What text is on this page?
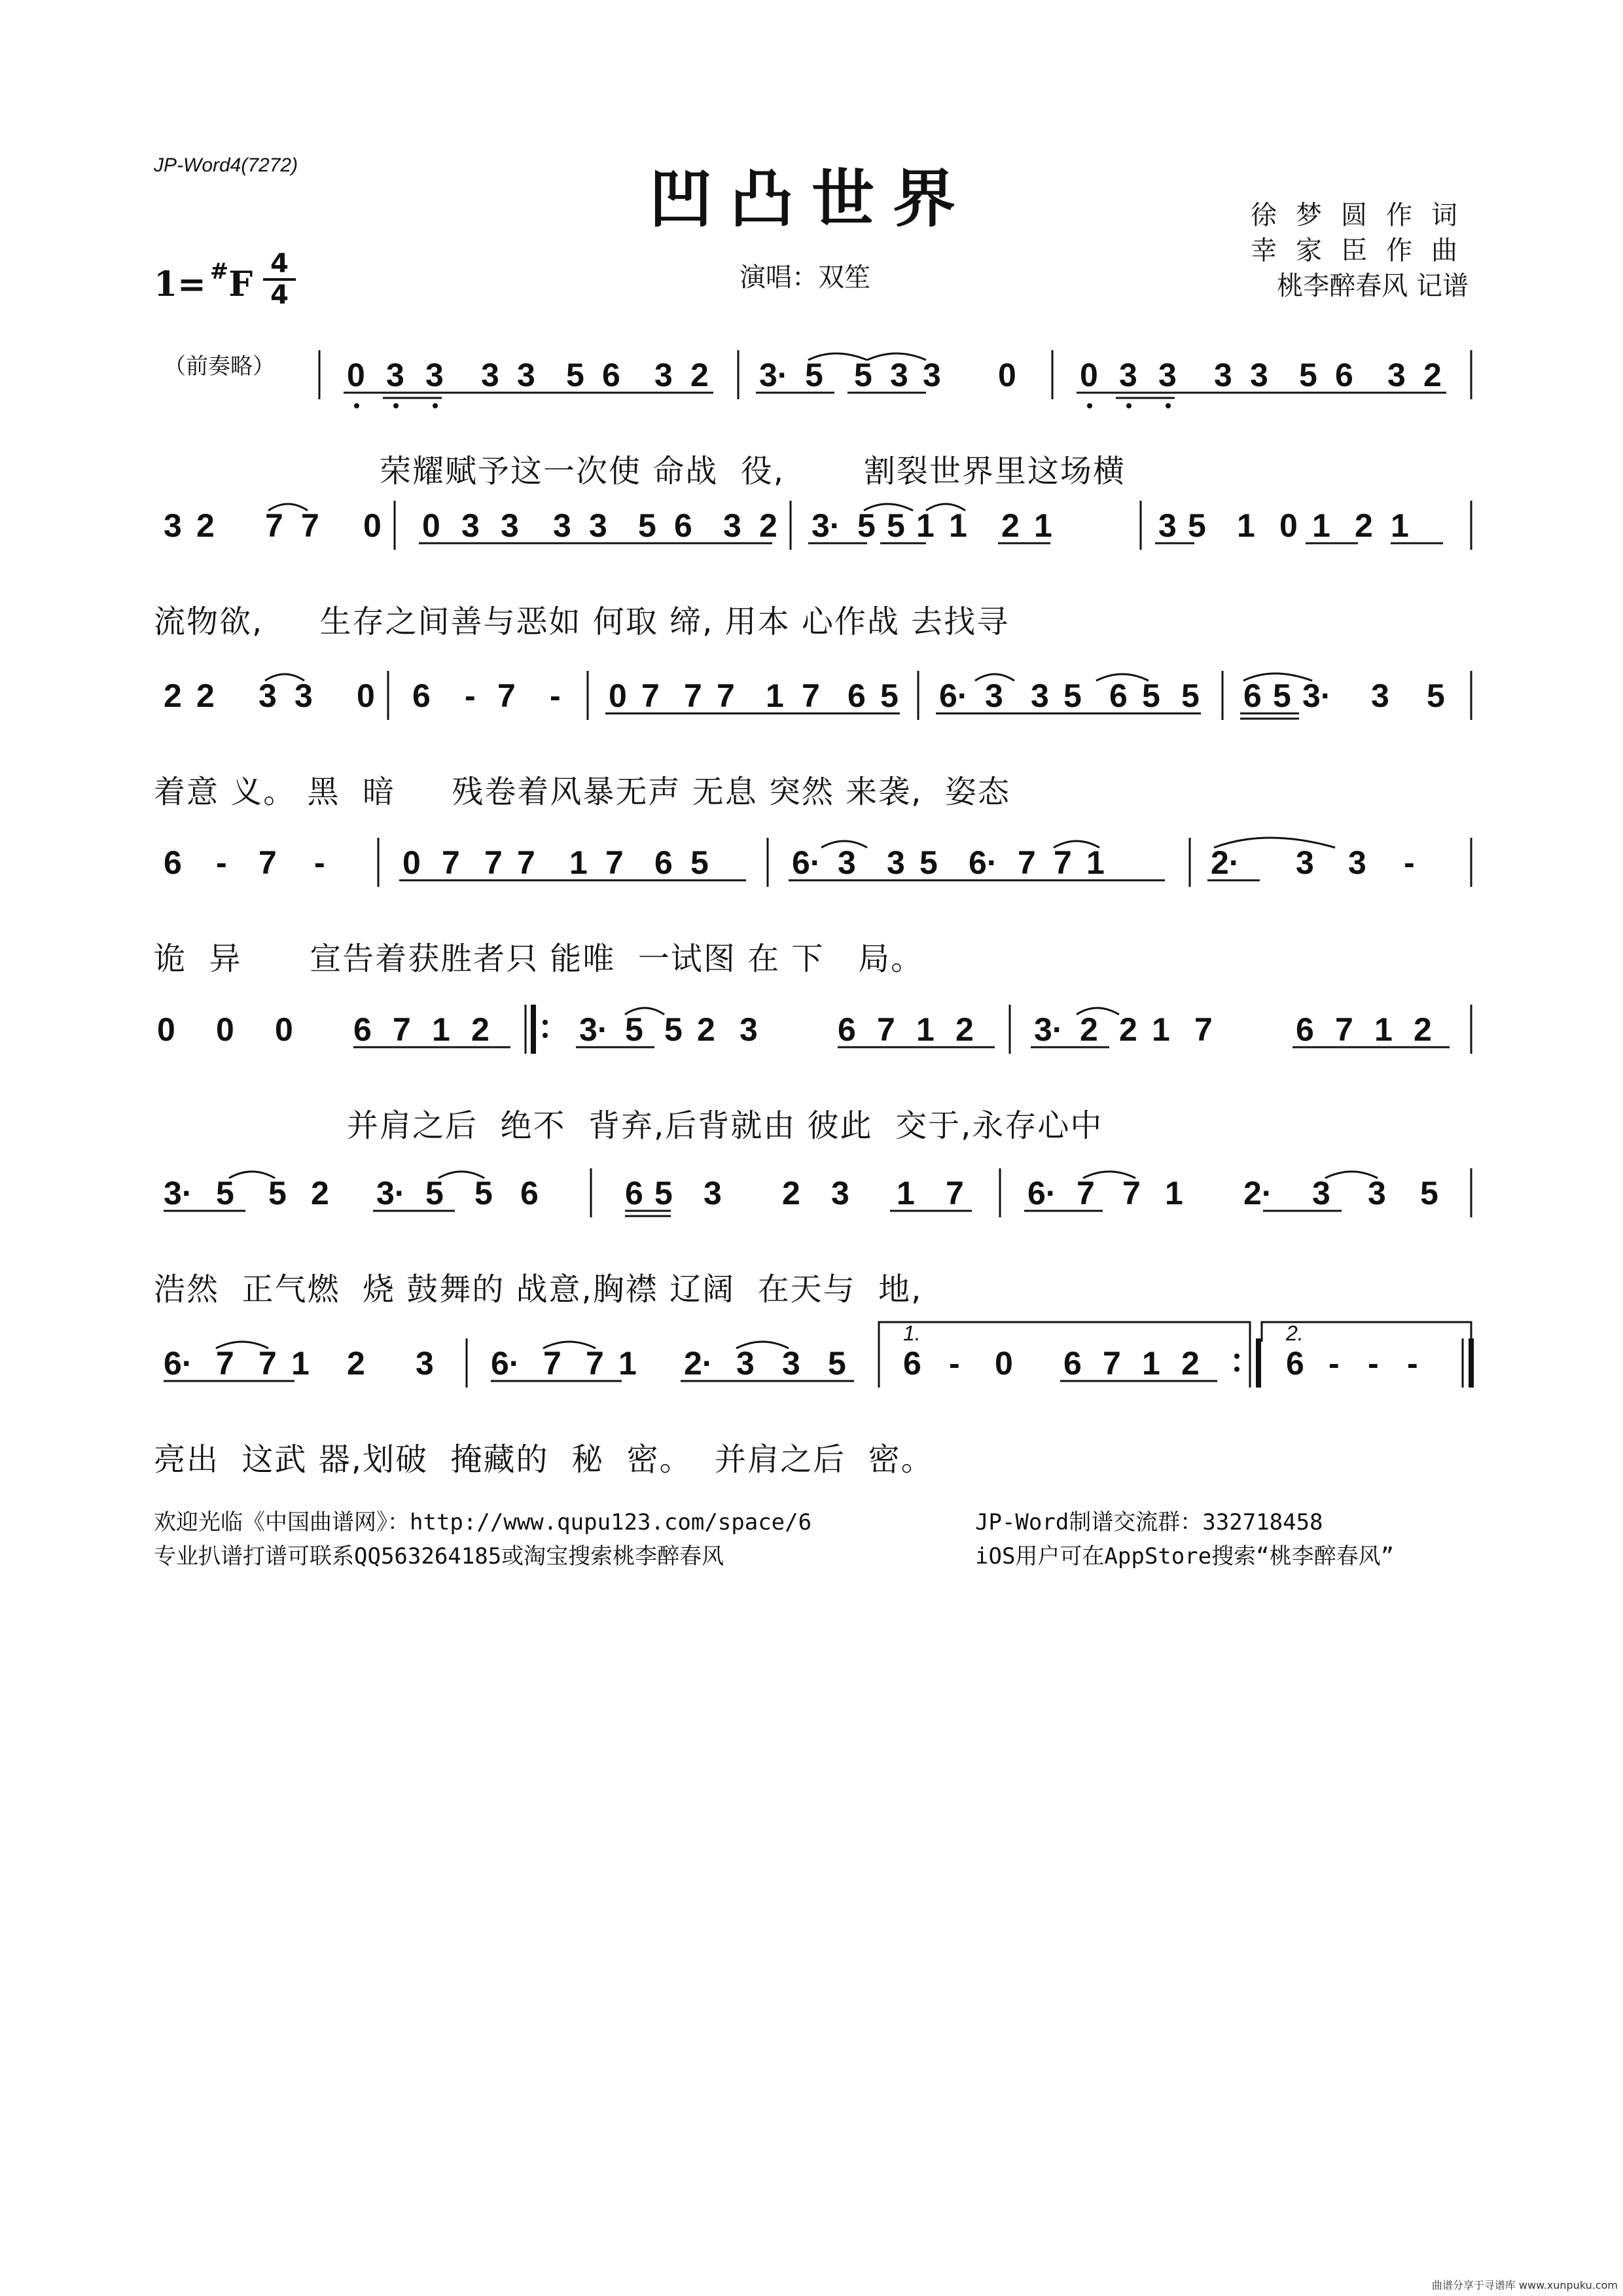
JP-Word4(7272)	凹凸世界
1= #F
4
4
演唱：双笙
徐梦圆作词
幸家臣作曲
桃李醉春风 记谱
（前奏略） 0 3 3 3 3 5 6 3 2 3· 5 5 3 3 0 0 3 3 3 3 5 6 3 2
荣耀赋予这一次使 命战  役,       割裂世界里这场横
3 2 7 7 0 0 3 3 3 3 5 6 3 2 3· 5 5 1 1 2 1	3 5 1 0 1 2 1
流物欲,     生存之间善与恶如 何取 缔, 用本 心作战 去找寻
2 2 3 3 0 6 - 7 - 0 7 7 7 1 7 6 5 6· 3 3 5 6 5 5 6 5 3· 3 5
着意 义。 黑  暗     残卷着风暴无声 无息 突然 来袭,  姿态
6 - 7 - 0 7 7 7 1 7 6 5	6· 3 3 5 6· 7 7 1	2· 3 3 -
诡  异      宣告着获胜者只 能唯  一试图 在 下   局。
0 0 0 6 7 1 2	3· 5 5 2 3 6 7 1 2 3· 2 2 1 7	6 7 1 2
并肩之后  绝不  背弃,后背就由 彼此  交于,永存心中
3· 5 5 2 3· 5 5 6	6 5 3 2 3 1 7 6· 7 7 1 2· 3 3 5
浩然  正气燃  烧 鼓舞的 战意,胸襟 辽阔  在天与  地,
1.	2.
6· 7 7 1 2 3 6· 7 7 1 2· 3 3 5 6 - 0 6 7 1 2	6 - - -
亮出  这武 器,划破  掩藏的  秘  密。  并肩之后  密。
欢迎光临《中国曲谱网》：http://www.qupu123.com/space/6
专业扒谱打谱可联系QQ563264185或淘宝搜索桃李醉春风
JP-Word制谱交流群：332718458
iOS用户可在AppStore搜索“桃李醉春风”
曲谱分享于寻谱库 www.xunpuku.com
